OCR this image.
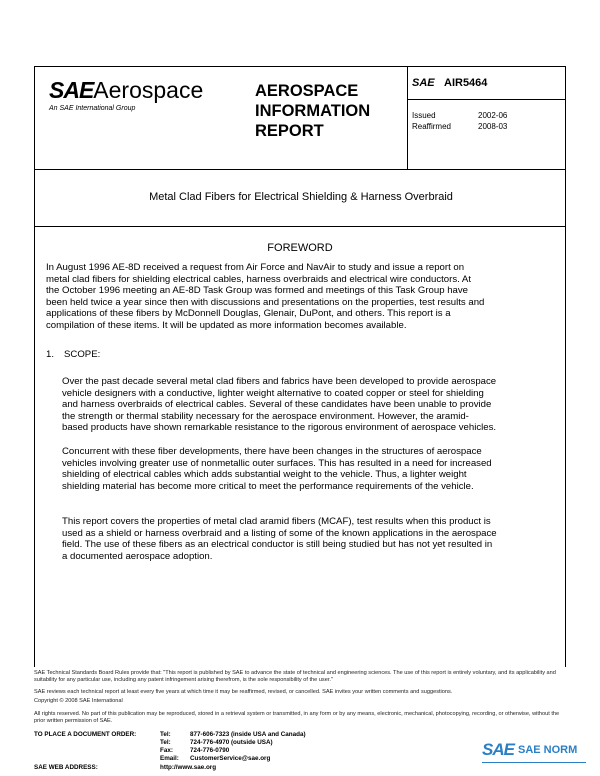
SAEAerospace
An SAE International Group
AEROSPACE
INFORMATION
REPORT
SAE AIR5464
Issued	2002-06
Reaffirmed	2008-03
Metal Clad Fibers for Electrical Shielding & Harness Overbraid
FOREWORD
In August 1996 AE-8D received a request from Air Force and NavAir to study and issue a report on
metal clad fibers for shielding electrical cables, harness overbraids and electrical wire conductors. At
the October 1996 meeting an AE-8D Task Group was formed and meetings of this Task Group have
been held twice a year since then with discussions and presentations on the properties, test results and
applications of these fibers by McDonnell Douglas, Glenair, DuPont, and others. This report is a
compilation of these items. It will be updated as more information becomes available.
1. SCOPE:
Over the past decade several metal clad fibers and fabrics have been developed to provide aerospace
vehicle designers with a conductive, lighter weight alternative to coated copper or steel for shielding
and harness overbraids of electrical cables. Several of these candidates have been unable to provide
the strength or thermal stability necessary for the aerospace environment. However, the aramid-
based products have shown remarkable resistance to the rigorous environment of aerospace vehicles.
Concurrent with these fiber developments, there have been changes in the structures of aerospace
vehicles involving greater use of nonmetallic outer surfaces. This has resulted in a need for increased
shielding of electrical cables which adds substantial weight to the vehicle. Thus, a lighter weight
shielding material has become more critical to meet the performance requirements of the vehicle.
This report covers the properties of metal clad aramid fibers (MCAF), test results when this product is
used as a shield or harness overbraid and a listing of some of the known applications in the aerospace
field. The use of these fibers as an electrical conductor is still being studied but has not yet resulted in
a documented aerospace adoption.
SAE Technical Standards Board Rules provide that: "This report is published by SAE to advance the state of technical and engineering sciences. The use of this report is entirely voluntary, and its applicability and suitability for any particular use, including any patent infringement arising therefrom, is the sole responsibility of the user."
SAE reviews each technical report at least every five years at which time it may be reaffirmed, revised, or cancelled. SAE invites your written comments and suggestions.
Copyright © 2008 SAE International
All rights reserved. No part of this publication may be reproduced, stored in a retrieval system or transmitted, in any form or by any means, electronic, mechanical, photocopying, recording, or otherwise, without the prior written permission of SAE.
TO PLACE A DOCUMENT ORDER:	Tel:	877-606-7323 (inside USA and Canada)
Tel:	724-776-4970 (outside USA)
Fax:	724-776-0790
Email:	CustomerService@sae.org
SAE WEB ADDRESS:	http://www.sae.org
SAE SAE NORM
